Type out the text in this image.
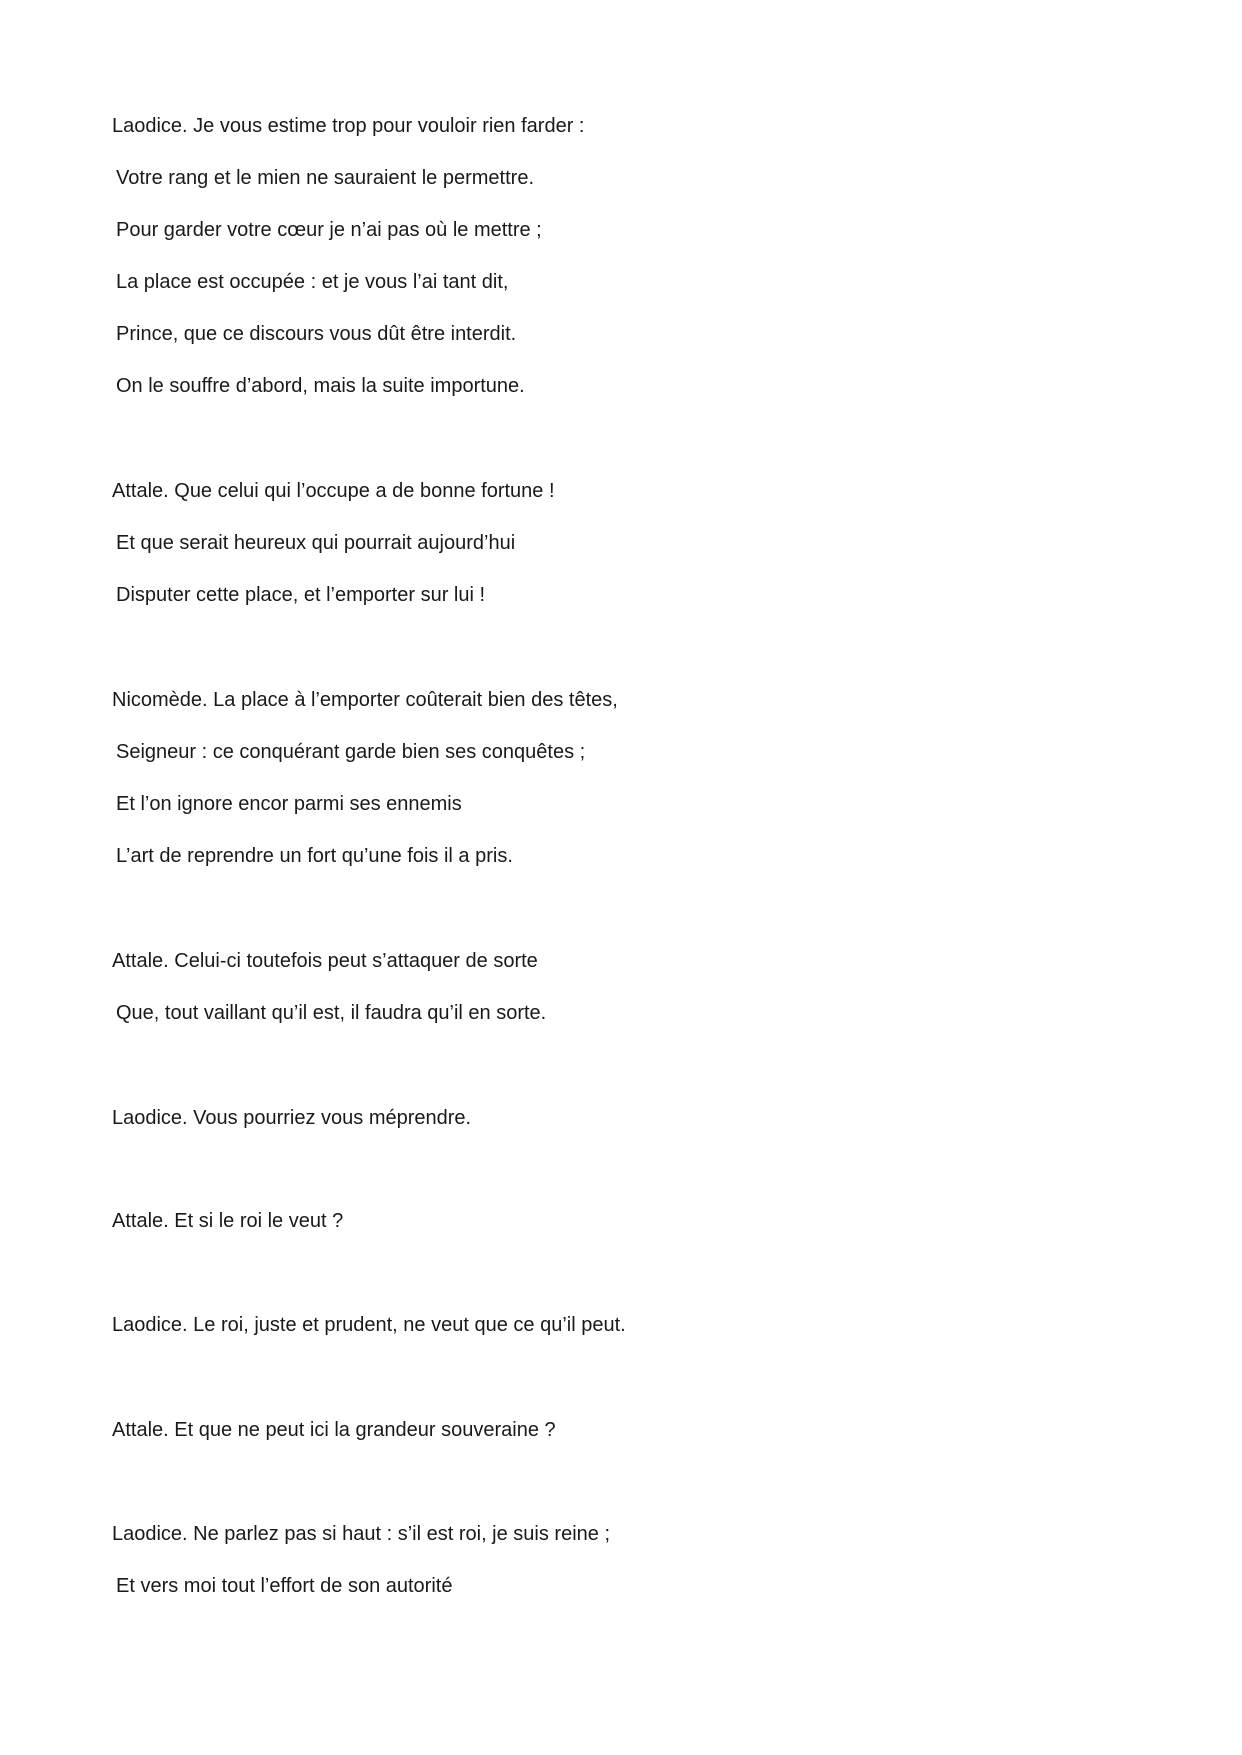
Laodice. Je vous estime trop pour vouloir rien farder :
Votre rang et le mien ne sauraient le permettre.
Pour garder votre cœur je n’ai pas où le mettre ;
La place est occupée : et je vous l’ai tant dit,
Prince, que ce discours vous dût être interdit.
On le souffre d’abord, mais la suite importune.
Attale. Que celui qui l’occupe a de bonne fortune !
Et que serait heureux qui pourrait aujourd’hui
Disputer cette place, et l’emporter sur lui !
Nicomède. La place à l’emporter coûterait bien des têtes,
Seigneur : ce conquérant garde bien ses conquêtes ;
Et l’on ignore encor parmi ses ennemis
L’art de reprendre un fort qu’une fois il a pris.
Attale. Celui-ci toutefois peut s’attaquer de sorte
Que, tout vaillant qu’il est, il faudra qu’il en sorte.
Laodice. Vous pourriez vous méprendre.
Attale. Et si le roi le veut ?
Laodice. Le roi, juste et prudent, ne veut que ce qu’il peut.
Attale. Et que ne peut ici la grandeur souveraine ?
Laodice. Ne parlez pas si haut : s’il est roi, je suis reine ;
Et vers moi tout l’effort de son autorité
